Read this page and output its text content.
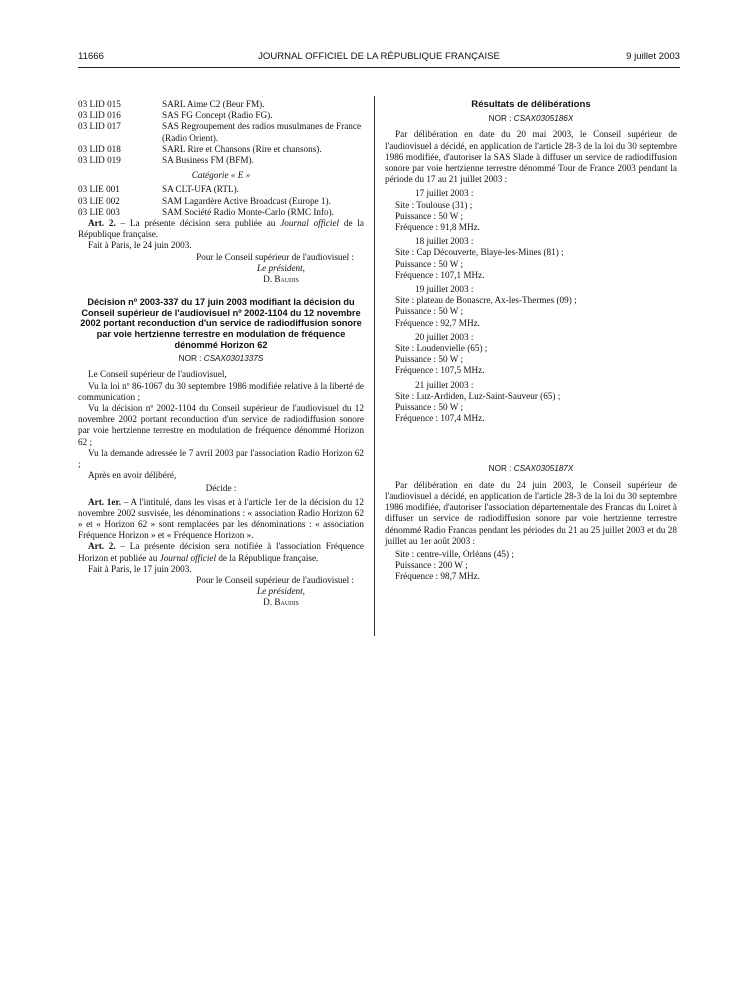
11666	JOURNAL OFFICIEL DE LA RÉPUBLIQUE FRANÇAISE	9 juillet 2003
03 LID 015	SARL Aime C2 (Beur FM).
03 LID 016	SAS FG Concept (Radio FG).
03 LID 017	SAS Regroupement des radios musulmanes de France (Radio Orient).
03 LID 018	SARL Rire et Chansons (Rire et chansons).
03 LID 019	SA Business FM (BFM).
Catégorie « E »
03 LIE 001	SA CLT-UFA (RTL).
03 LIE 002	SAM Lagardère Active Broadcast (Europe 1).
03 LIE 003	SAM Société Radio Monte-Carlo (RMC Info).

Art. 2. – La présente décision sera publiée au Journal officiel de la République française.

Fait à Paris, le 24 juin 2003.

Pour le Conseil supérieur de l'audiovisuel :

Le président,

D. Baudis

Décision nº 2003-337 du 17 juin 2003 modifiant la décision du Conseil supérieur de l'audiovisuel nº 2002-1104 du 12 novembre 2002 portant reconduction d'un service de radiodiffusion sonore par voie hertzienne terrestre en modulation de fréquence dénommé Horizon 62
NOR : CSAX0301337S

Le Conseil supérieur de l'audiovisuel,

Vu la loi nº 86-1067 du 30 septembre 1986 modifiée relative à la liberté de communication ;

Vu la décision nº 2002-1104 du Conseil supérieur de l'audiovisuel du 12 novembre 2002 portant reconduction d'un service de radiodiffusion sonore par voie hertzienne terrestre en modulation de fréquence dénommé Horizon 62 ;

Vu la demande adressée le 7 avril 2003 par l'association Radio Horizon 62 ;

Après en avoir délibéré,

Décide :

Art. 1er. – A l'intitulé, dans les visas et à l'article 1er de la décision du 12 novembre 2002 susvisée, les dénominations : « association Radio Horizon 62 » et « Horizon 62 » sont remplacées par les dénominations : « association Fréquence Horizon » et « Fréquence Horizon ».

Art. 2. – La présente décision sera notifiée à l'association Fréquence Horizon et publiée au Journal officiel de la République française.

Fait à Paris, le 17 juin 2003.

Pour le Conseil supérieur de l'audiovisuel :

Le président,

D. Baudis

Résultats de délibérations
NOR : CSAX0305186X

Par délibération en date du 20 mai 2003, le Conseil supérieur de l'audiovisuel a décidé, en application de l'article 28-3 de la loi du 30 septembre 1986 modifiée, d'autoriser la SAS Slade à diffuser un service de radiodiffusion sonore par voie hertzienne terrestre dénommé Tour de France 2003 pendant la période du 17 au 21 juillet 2003 :

17 juillet 2003 :

Site : Toulouse (31) ;

Puissance : 50 W ;

Fréquence : 91,8 MHz.

18 juillet 2003 :

Site : Cap Découverte, Blaye-les-Mines (81) ;

Puissance : 50 W ;

Fréquence : 107,1 MHz.

19 juillet 2003 :

Site : plateau de Bonascre, Ax-les-Thermes (09) ;

Puissance : 50 W ;

Fréquence : 92,7 MHz.

20 juillet 2003 :

Site : Loudenvielle (65) ;

Puissance : 50 W ;

Fréquence : 107,5 MHz.

21 juillet 2003 :

Site : Luz-Ardiden, Luz-Saint-Sauveur (65) ;

Puissance : 50 W ;

Fréquence : 107,4 MHz.

NOR : CSAX0305187X

Par délibération en date du 24 juin 2003, le Conseil supérieur de l'audiovisuel a décidé, en application de l'article 28-3 de la loi du 30 septembre 1986 modifiée, d'autoriser l'association départementale des Francas du Loiret à diffuser un service de radiodiffusion sonore par voie hertzienne terrestre dénommé Radio Francas pendant les périodes du 21 au 25 juillet 2003 et du 28 juillet au 1er août 2003 :

Site : centre-ville, Orléans (45) ;

Puissance : 200 W ;

Fréquence : 98,7 MHz.
